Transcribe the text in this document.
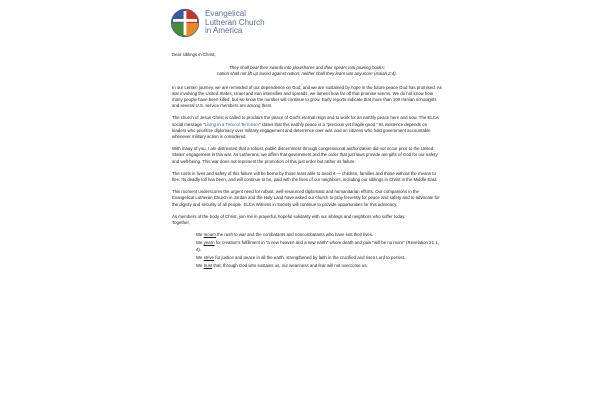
Evangelical
Lutheran Church
in America

Dear siblings in Christ,

They shall beat their swords into plowshares and their spears into pruning hooks;
nation shall not lift up sword against nation; neither shall they learn war any more (Isaiah 2:4).

In our Lenten journey, we are reminded of our dependence on God, and we are sustained by hope in the future peace God has promised. As war involving the United States, Israel and Iran intensifies and spreads, we lament how far off that promise seems. We do not know how many people have been killed, but we know the number will continue to grow. Early reports indicate that more than 100 Iranian schoolgirls and several U.S. service members are among them.

The church of Jesus Christ is called to proclaim the peace of God's eternal reign and to work for an earthly peace here and now. The ELCA social message "Living in a Time of Terrorism" states that this earthly peace is a "precious yet fragile good." Its existence depends on leaders who prioritize diplomacy over military engagement and deterrence over war, and on citizens who hold government accountable whenever military action is considered.

With many of you, I am distressed that a robust, public discernment through congressional authorization did not occur prior to the United States' engagement in this war. As Lutherans, we affirm that government and the order that just laws provide are gifts of God for our safety and well-being. This war does not represent the promotion of this just order but rather its failure.

The costs in lives and safety of this failure will be borne by those least able to avoid it — children, families and those without the means to flee. Its deadly toll has been, and will continue to be, paid with the lives of our neighbors, including our siblings in Christ in the Middle East.

This moment underscores the urgent need for robust, well-resourced diplomatic and humanitarian efforts. Our companions in the Evangelical Lutheran Church in Jordan and the Holy Land have asked our church to pray fervently for peace and safety and to advocate for the dignity and security of all people. ELCA Witness in Society will continue to provide opportunities for this advocacy.

As members of the body of Christ, join me in prayerful, hopeful solidarity with our siblings and neighbors who suffer today.

Together,

We mourn the rush to war and the combatants and noncombatants who have lost their lives.
We yearn for creation's fulfillment in "a new heaven and a new earth" where death and pain "will be no more" (Revelation 21:1, 4).
We strive for justice and peace in all the earth, strengthened by faith in the crucified and risen Lord to persist.
We trust that, through God who sustains us, our weariness and fear will not overcome us.
